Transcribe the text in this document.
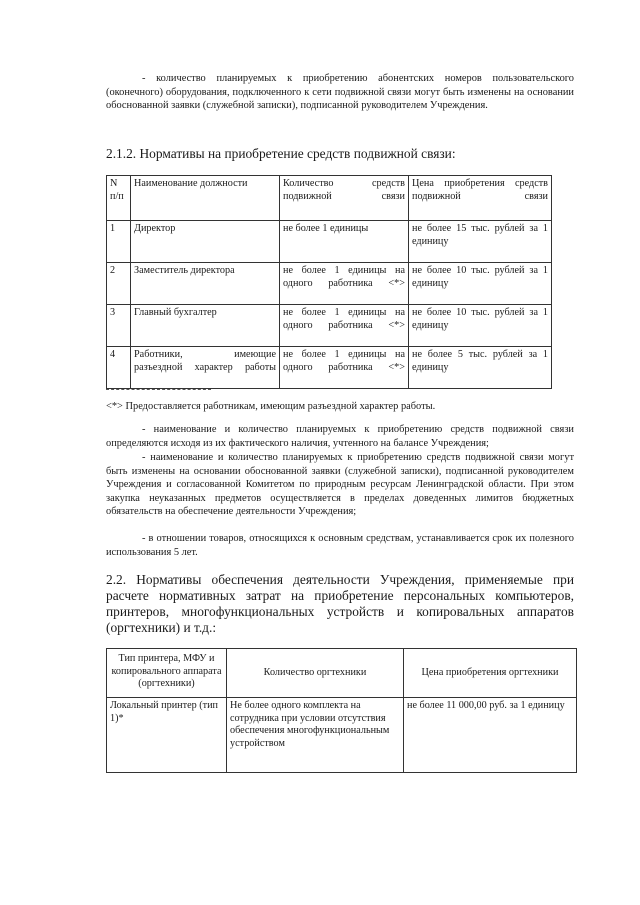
- количество планируемых к приобретению абонентских номеров пользовательского (оконечного) оборудования, подключенного к сети подвижной связи могут быть изменены на основании обоснованной заявки (служебной записки), подписанной руководителем Учреждения.

2.1.2. Нормативы на приобретение средств подвижной связи:

N п/п	Наименование должности	Количество средств подвижной связи	Цена приобретения средств подвижной связи
1	Директор	не более 1 единицы	не более 15 тыс. рублей за 1 единицу
2	Заместитель директора	не более 1 единицы на одного работника <*>	не более 10 тыс. рублей за 1 единицу
3	Главный бухгалтер	не более 1 единицы на одного работника <*>	не более 10 тыс. рублей за 1 единицу
4	Работники, имеющие разъездной характер работы	не более 1 единицы на одного работника <*>	не более 5 тыс. рублей за 1 единицу

<*> Предоставляется работникам, имеющим разъездной характер работы.

- наименование и количество планируемых к приобретению средств подвижной связи определяются исходя из их фактического наличия, учтенного на балансе Учреждения;

- наименование и количество планируемых к приобретению средств подвижной связи могут быть изменены на основании обоснованной заявки (служебной записки), подписанной руководителем Учреждения и согласованной Комитетом по природным ресурсам Ленинградской области. При этом закупка неуказанных предметов осуществляется в пределах доведенных лимитов бюджетных обязательств на обеспечение деятельности Учреждения;

- в отношении товаров, относящихся к основным средствам, устанавливается срок их полезного использования 5 лет.

2.2. Нормативы обеспечения деятельности Учреждения, применяемые при расчете нормативных затрат на приобретение персональных компьютеров, принтеров, многофункциональных устройств и копировальных аппаратов (оргтехники) и т.д.:

Тип принтера, МФУ и копировального аппарата (оргтехники)	Количество оргтехники	Цена приобретения оргтехники
Локальный принтер (тип 1)*	Не более одного комплекта на сотрудника при условии отсутствия обеспечения многофункциональным устройством	не более 11 000,00 руб. за 1 единицу
